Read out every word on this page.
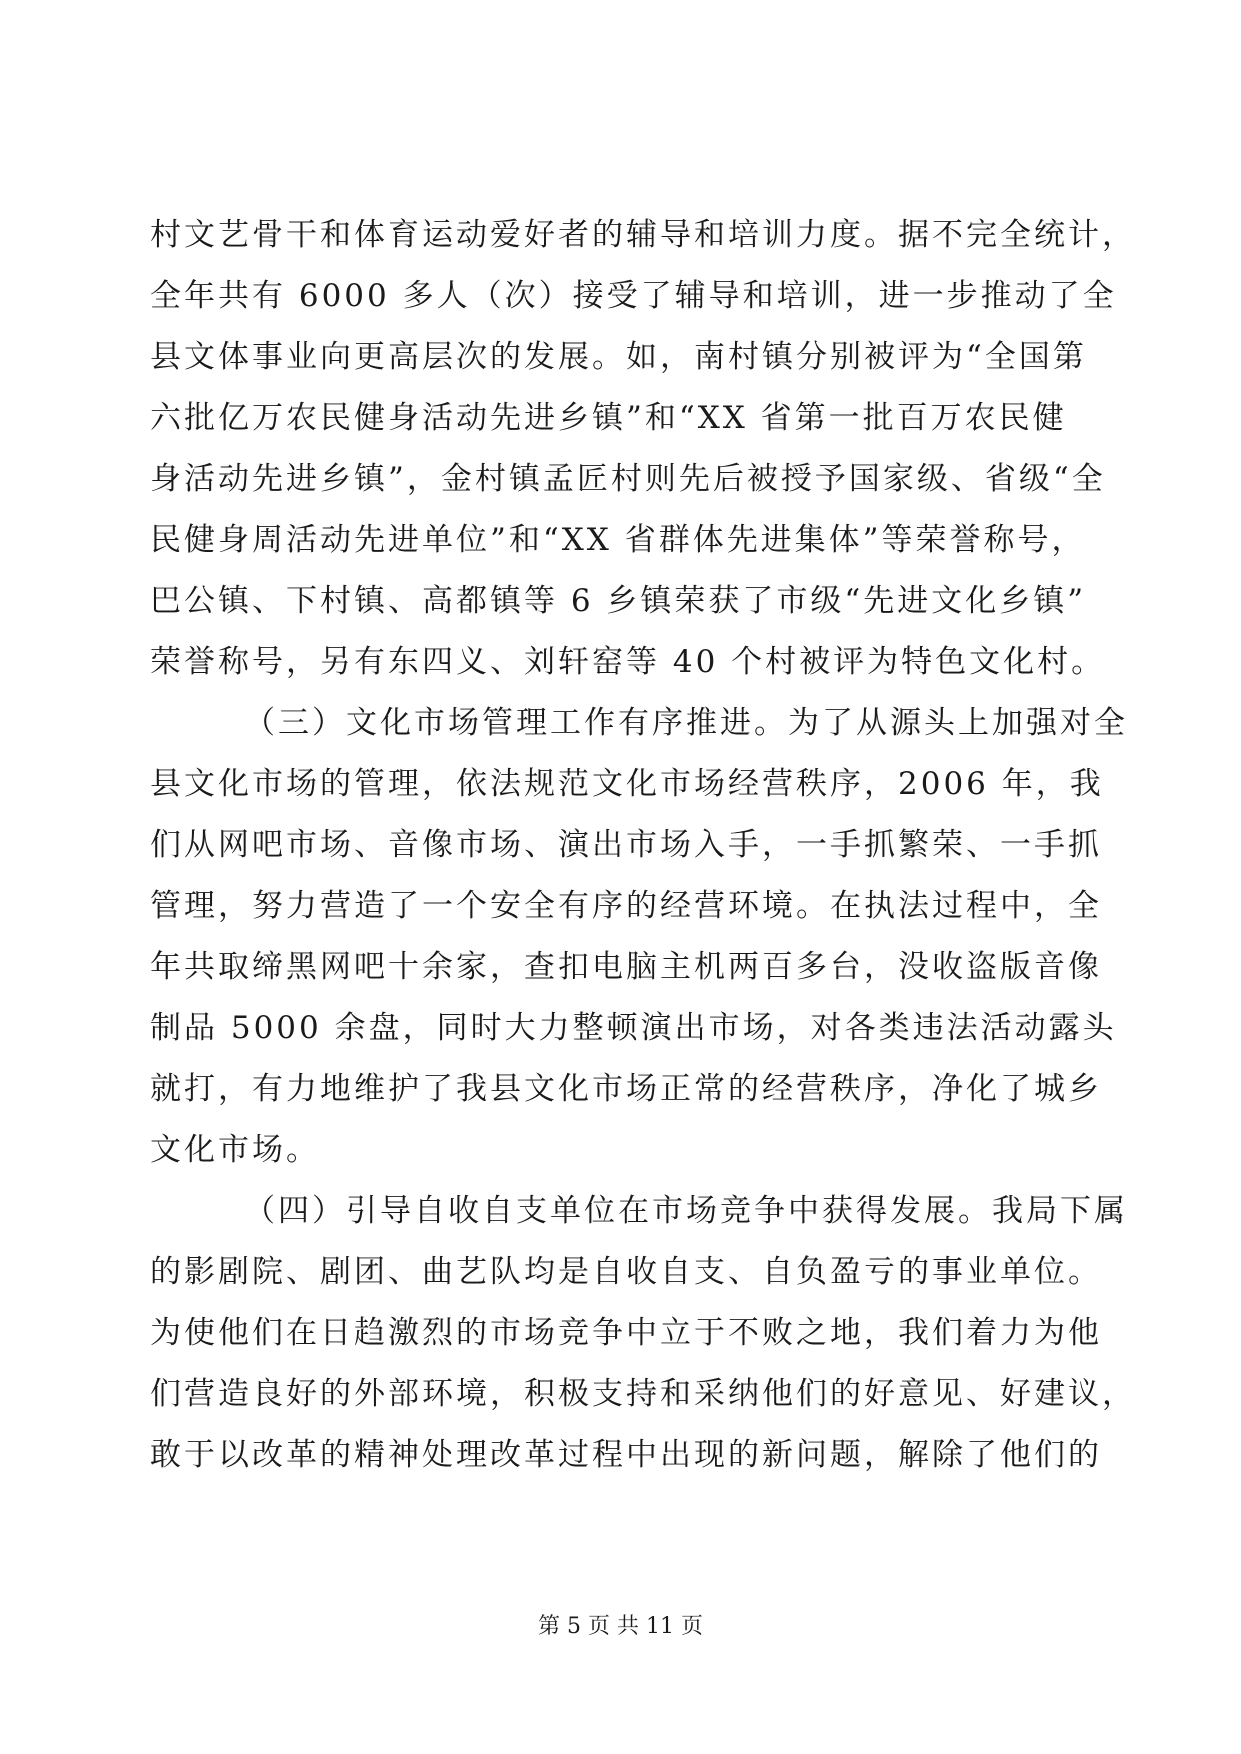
村文艺骨干和体育运动爱好者的辅导和培训力度。据不完全统计，
全年共有 6000 多人（次）接受了辅导和培训，进一步推动了全
县文体事业向更高层次的发展。如，南村镇分别被评为“全国第
六批亿万农民健身活动先进乡镇”和“XX 省第一批百万农民健
身活动先进乡镇”，金村镇孟匠村则先后被授予国家级、省级“全
民健身周活动先进单位”和“XX 省群体先进集体”等荣誉称号，
巴公镇、下村镇、高都镇等 6 乡镇荣获了市级“先进文化乡镇”
荣誉称号，另有东四义、刘轩窑等 40 个村被评为特色文化村。
（三）文化市场管理工作有序推进。为了从源头上加强对全
县文化市场的管理，依法规范文化市场经营秩序，2006 年，我
们从网吧市场、音像市场、演出市场入手，一手抓繁荣、一手抓
管理，努力营造了一个安全有序的经营环境。在执法过程中，全
年共取缔黑网吧十余家，查扣电脑主机两百多台，没收盗版音像
制品 5000 余盘，同时大力整顿演出市场，对各类违法活动露头
就打，有力地维护了我县文化市场正常的经营秩序，净化了城乡
文化市场。
（四）引导自收自支单位在市场竞争中获得发展。我局下属
的影剧院、剧团、曲艺队均是自收自支、自负盈亏的事业单位。
为使他们在日趋激烈的市场竞争中立于不败之地，我们着力为他
们营造良好的外部环境，积极支持和采纳他们的好意见、好建议，
敢于以改革的精神处理改革过程中出现的新问题，解除了他们的
第 5 页 共 11 页
